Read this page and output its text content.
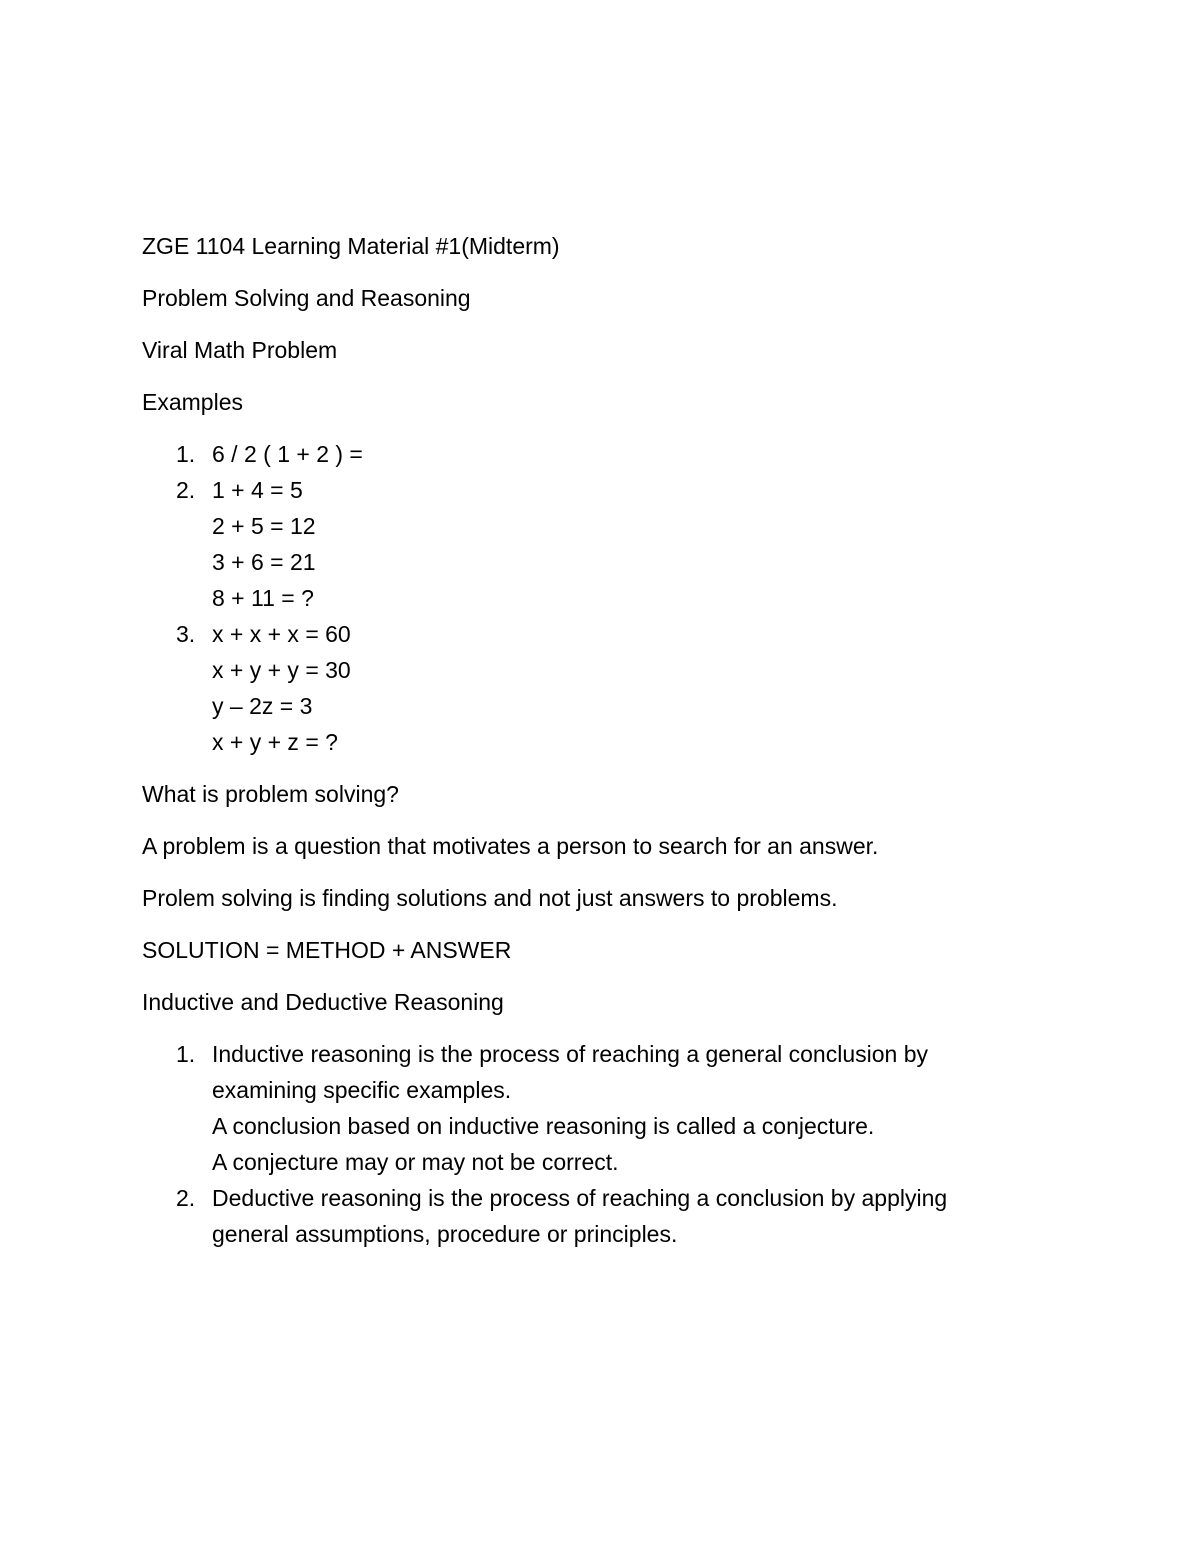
ZGE 1104 Learning Material #1(Midterm)

Problem Solving and Reasoning

Viral Math Problem

Examples

1. 6 / 2 ( 1 + 2 ) =
2. 1 + 4 = 5
2 + 5 = 12
3 + 6 = 21
8 + 11 = ?
3. x + x + x = 60
x + y + y = 30
y – 2z = 3
x + y + z = ?

What is problem solving?

A problem is a question that motivates a person to search for an answer.

Prolem solving is finding solutions and not just answers to problems.

SOLUTION = METHOD + ANSWER

Inductive and Deductive Reasoning

1. Inductive reasoning is the process of reaching a general conclusion by
examining specific examples.
A conclusion based on inductive reasoning is called a conjecture.
A conjecture may or may not be correct.
2. Deductive reasoning is the process of reaching a conclusion by applying
general assumptions, procedure or principles.
